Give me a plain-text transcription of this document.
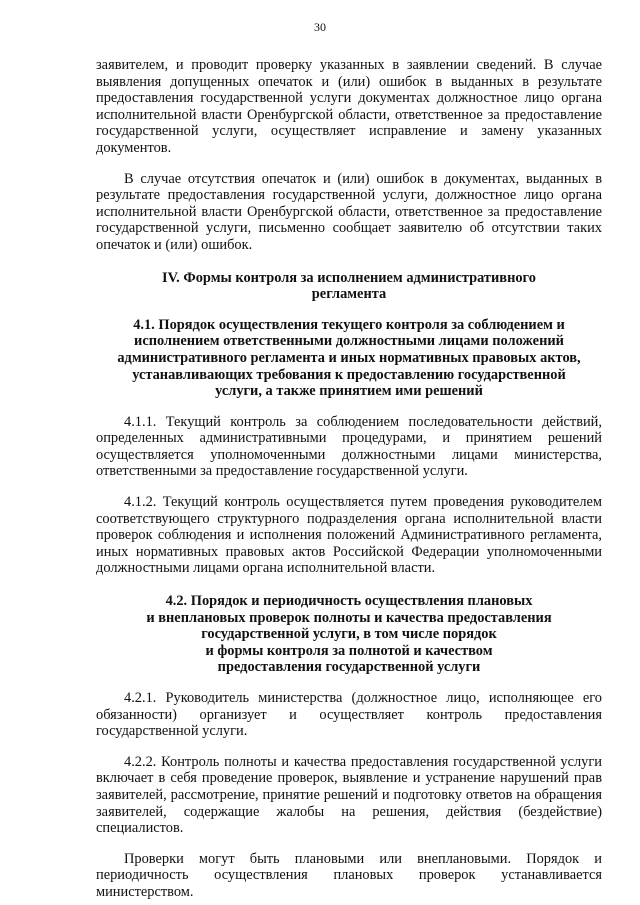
30

заявителем, и проводит проверку указанных в заявлении сведений. В случае выявления допущенных опечаток и (или) ошибок в выданных в результате предоставления государственной услуги документах должностное лицо органа исполнительной власти Оренбургской области, ответственное за предоставление государственной услуги, осуществляет исправление и замену указанных документов.

В случае отсутствия опечаток и (или) ошибок в документах, выданных в результате предоставления государственной услуги, должностное лицо органа исполнительной власти Оренбургской области, ответственное за предоставление государственной услуги, письменно сообщает заявителю об отсутствии таких опечаток и (или) ошибок.

IV. Формы контроля за исполнением административного
регламента
4.1. Порядок осуществления текущего контроля за соблюдением и
исполнением ответственными должностными лицами положений
административного регламента и иных нормативных правовых актов,
устанавливающих требования к предоставлению государственной
услуги, а также принятием ими решений

4.1.1. Текущий контроль за соблюдением последовательности действий, определенных административными процедурами, и принятием решений осуществляется уполномоченными должностными лицами министерства, ответственными за предоставление государственной услуги.

4.1.2. Текущий контроль осуществляется путем проведения руководителем соответствующего структурного подразделения органа исполнительной власти проверок соблюдения и исполнения положений Административного регламента, иных нормативных правовых актов Российской Федерации уполномоченными должностными лицами органа исполнительной власти.

4.2. Порядок и периодичность осуществления плановых
и внеплановых проверок полноты и качества предоставления
государственной услуги, в том числе порядок
и формы контроля за полнотой и качеством
предоставления государственной услуги

4.2.1. Руководитель министерства (должностное лицо, исполняющее его обязанности) организует и осуществляет контроль предоставления государственной услуги.

4.2.2. Контроль полноты и качества предоставления государственной услуги включает в себя проведение проверок, выявление и устранение нарушений прав заявителей, рассмотрение, принятие решений и подготовку ответов на обращения заявителей, содержащие жалобы на решения, действия (бездействие) специалистов.

Проверки могут быть плановыми или внеплановыми. Порядок и периодичность осуществления плановых проверок устанавливается министерством.
